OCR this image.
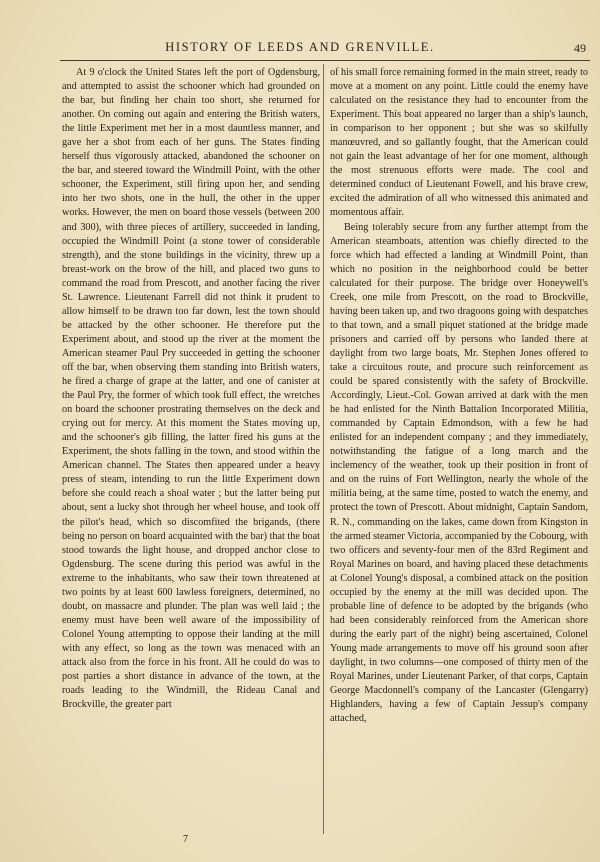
HISTORY OF LEEDS AND GRENVILLE.	49

At 9 o'clock the United States left the port of Ogdensburg, and attempted to assist the schooner which had grounded on the bar, but finding her chain too short, she returned for another. On coming out again and entering the British waters, the little Experiment met her in a most dauntless manner, and gave her a shot from each of her guns. The States finding herself thus vigorously attacked, abandoned the schooner on the bar, and steered toward the Windmill Point, with the other schooner, the Experiment, still firing upon her, and sending into her two shots, one in the hull, the other in the upper works. However, the men on board those vessels (between 200 and 300), with three pieces of artillery, succeeded in landing, occupied the Windmill Point (a stone tower of considerable strength), and the stone buildings in the vicinity, threw up a breast-work on the brow of the hill, and placed two guns to command the road from Prescott, and another facing the river St. Lawrence. Lieutenant Farrell did not think it prudent to allow himself to be drawn too far down, lest the town should be attacked by the other schooner. He therefore put the Experiment about, and stood up the river at the moment the American steamer Paul Pry succeeded in getting the schooner off the bar, when observing them standing into British waters, he fired a charge of grape at the latter, and one of canister at the Paul Pry, the former of which took full effect, the wretches on board the schooner prostrating themselves on the deck and crying out for mercy. At this moment the States moving up, and the schooner's gib filling, the latter fired his guns at the Experiment, the shots falling in the town, and stood within the American channel. The States then appeared under a heavy press of steam, intending to run the little Experiment down before she could reach a shoal water ; but the latter being put about, sent a lucky shot through her wheel house, and took off the pilot's head, which so discomfited the brigands, (there being no person on board acquainted with the bar) that the boat stood towards the light house, and dropped anchor close to Ogdensburg. The scene during this period was awful in the extreme to the inhabitants, who saw their town threatened at two points by at least 600 lawless foreigners, determined, no doubt, on massacre and plunder. The plan was well laid ; the enemy must have been well aware of the impossibility of Colonel Young attempting to oppose their landing at the mill with any effect, so long as the town was menaced with an attack also from the force in his front. All he could do was to post parties a short distance in advance of the town, at the roads leading to the Windmill, the Rideau Canal and Brockville, the greater part

of his small force remaining formed in the main street, ready to move at a moment on any point. Little could the enemy have calculated on the resistance they had to encounter from the Experiment. This boat appeared no larger than a ship's launch, in comparison to her opponent ; but she was so skilfully manœuvred, and so gallantly fought, that the American could not gain the least advantage of her for one moment, although the most strenuous efforts were made. The cool and determined conduct of Lieutenant Fowell, and his brave crew, excited the admiration of all who witnessed this animated and momentous affair.

Being tolerably secure from any further attempt from the American steamboats, attention was chiefly directed to the force which had effected a landing at Windmill Point, than which no position in the neighborhood could be better calculated for their purpose. The bridge over Honeywell's Creek, one mile from Prescott, on the road to Brockville, having been taken up, and two dragoons going with despatches to that town, and a small piquet stationed at the bridge made prisoners and carried off by persons who landed there at daylight from two large boats, Mr. Stephen Jones offered to take a circuitous route, and procure such reinforcement as could be spared consistently with the safety of Brockville. Accordingly, Lieut.-Col. Gowan arrived at dark with the men he had enlisted for the Ninth Battalion Incorporated Militia, commanded by Captain Edmondson, with a few he had enlisted for an independent company ; and they immediately, notwithstanding the fatigue of a long march and the inclemency of the weather, took up their position in front of and on the ruins of Fort Wellington, nearly the whole of the militia being, at the same time, posted to watch the enemy, and protect the town of Prescott. About midnight, Captain Sandom, R. N., commanding on the lakes, came down from Kingston in the armed steamer Victoria, accompanied by the Cobourg, with two officers and seventy-four men of the 83rd Regiment and Royal Marines on board, and having placed these detachments at Colonel Young's disposal, a combined attack on the position occupied by the enemy at the mill was decided upon. The probable line of defence to be adopted by the brigands (who had been considerably reinforced from the American shore during the early part of the night) being ascertained, Colonel Young made arrangements to move off his ground soon after daylight, in two columns—one composed of thirty men of the Royal Marines, under Lieutenant Parker, of that corps, Captain George Macdonnell's company of the Lancaster (Glengarry) Highlanders, having a few of Captain Jessup's company attached,

7
